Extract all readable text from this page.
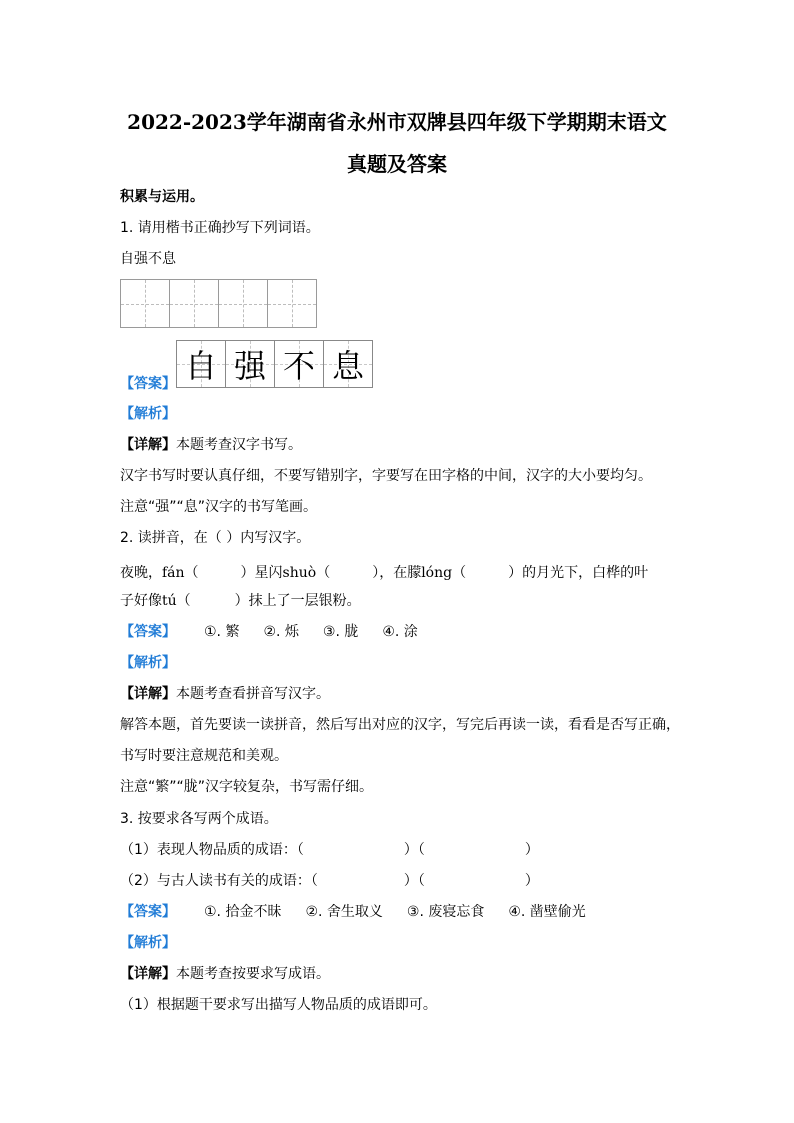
2022-2023学年湖南省永州市双牌县四年级下学期期末语文
真题及答案
积累与运用。
1. 请用楷书正确抄写下列词语。
自强不息
自 强 不 息
【答案】
【解析】
【详解】本题考查汉字书写。
汉字书写时要认真仔细，不要写错别字，字要写在田字格的中间，汉字的大小要均匀。
注意“强”“息”汉字的书写笔画。
2. 读拼音，在（ ）内写汉字。
夜晚，fán（	）星闪shuò（	），在朦lóng（	）的月光下，白桦的叶
子好像tú（	）抹上了一层银粉。
【答案】 ①. 繁 ②. 烁 ③. 胧 ④. 涂
【解析】
【详解】本题考查看拼音写汉字。
解答本题，首先要读一读拼音，然后写出对应的汉字，写完后再读一读，看看是否写正确，
书写时要注意规范和美观。
注意“繁”“胧”汉字较复杂，书写需仔细。
3. 按要求各写两个成语。
（1）表现人物品质的成语：（	）（	）
（2）与古人读书有关的成语：（	）（	）
【答案】 ①. 拾金不昧 ②. 舍生取义 ③. 废寝忘食 ④. 凿壁偷光
【解析】
【详解】本题考查按要求写成语。
（1）根据题干要求写出描写人物品质的成语即可。
